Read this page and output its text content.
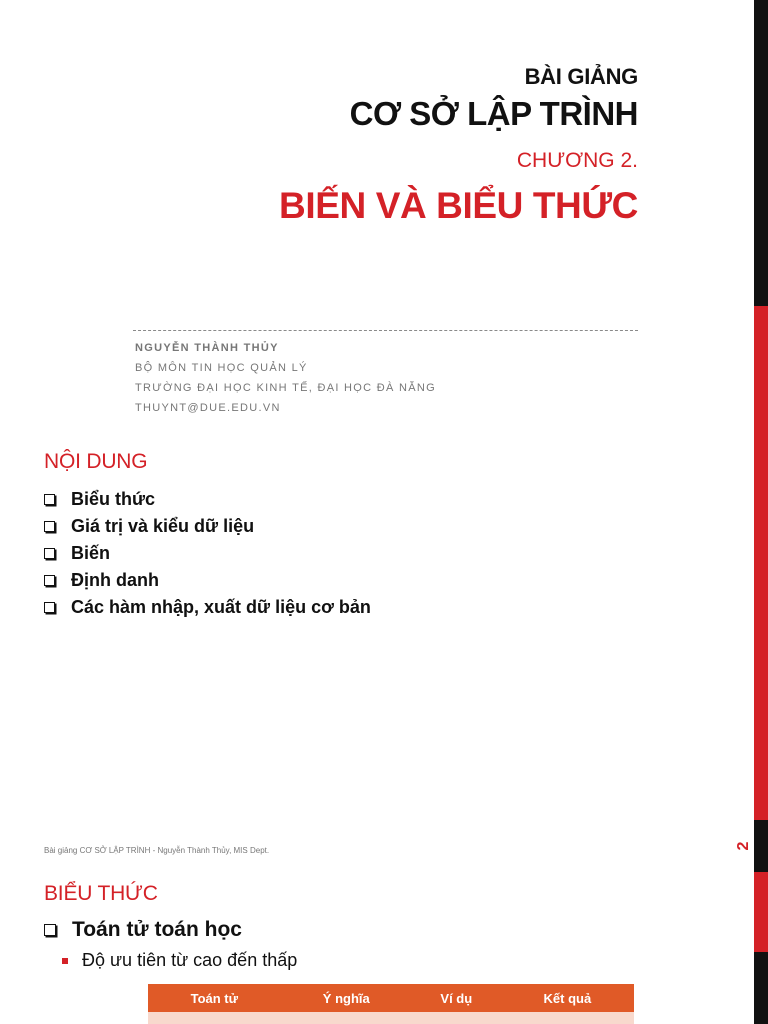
2
BÀI GIẢNG
CƠ SỞ LẬP TRÌNH
CHƯƠNG 2.
BIẾN VÀ BIỂU THỨC
NGUYỄN THÀNH THỦY
BỘ MÔN TIN HỌC QUẢN LÝ
TRƯỜNG ĐẠI HỌC KINH TẾ, ĐẠI HỌC ĐÀ NẴNG
THUYNT@DUE.EDU.VN
NỘI DUNG
Biểu thức
Giá trị và kiểu dữ liệu
Biến
Định danh
Các hàm nhập, xuất dữ liệu cơ bản
Bài giảng CƠ SỞ LẬP TRÌNH - Nguyễn Thành Thủy, MIS Dept.
BIỂU THỨC
Toán tử toán học
Độ ưu tiên từ cao đến thấp
Toán tử	Ý nghĩa	Ví dụ	Kết quả
